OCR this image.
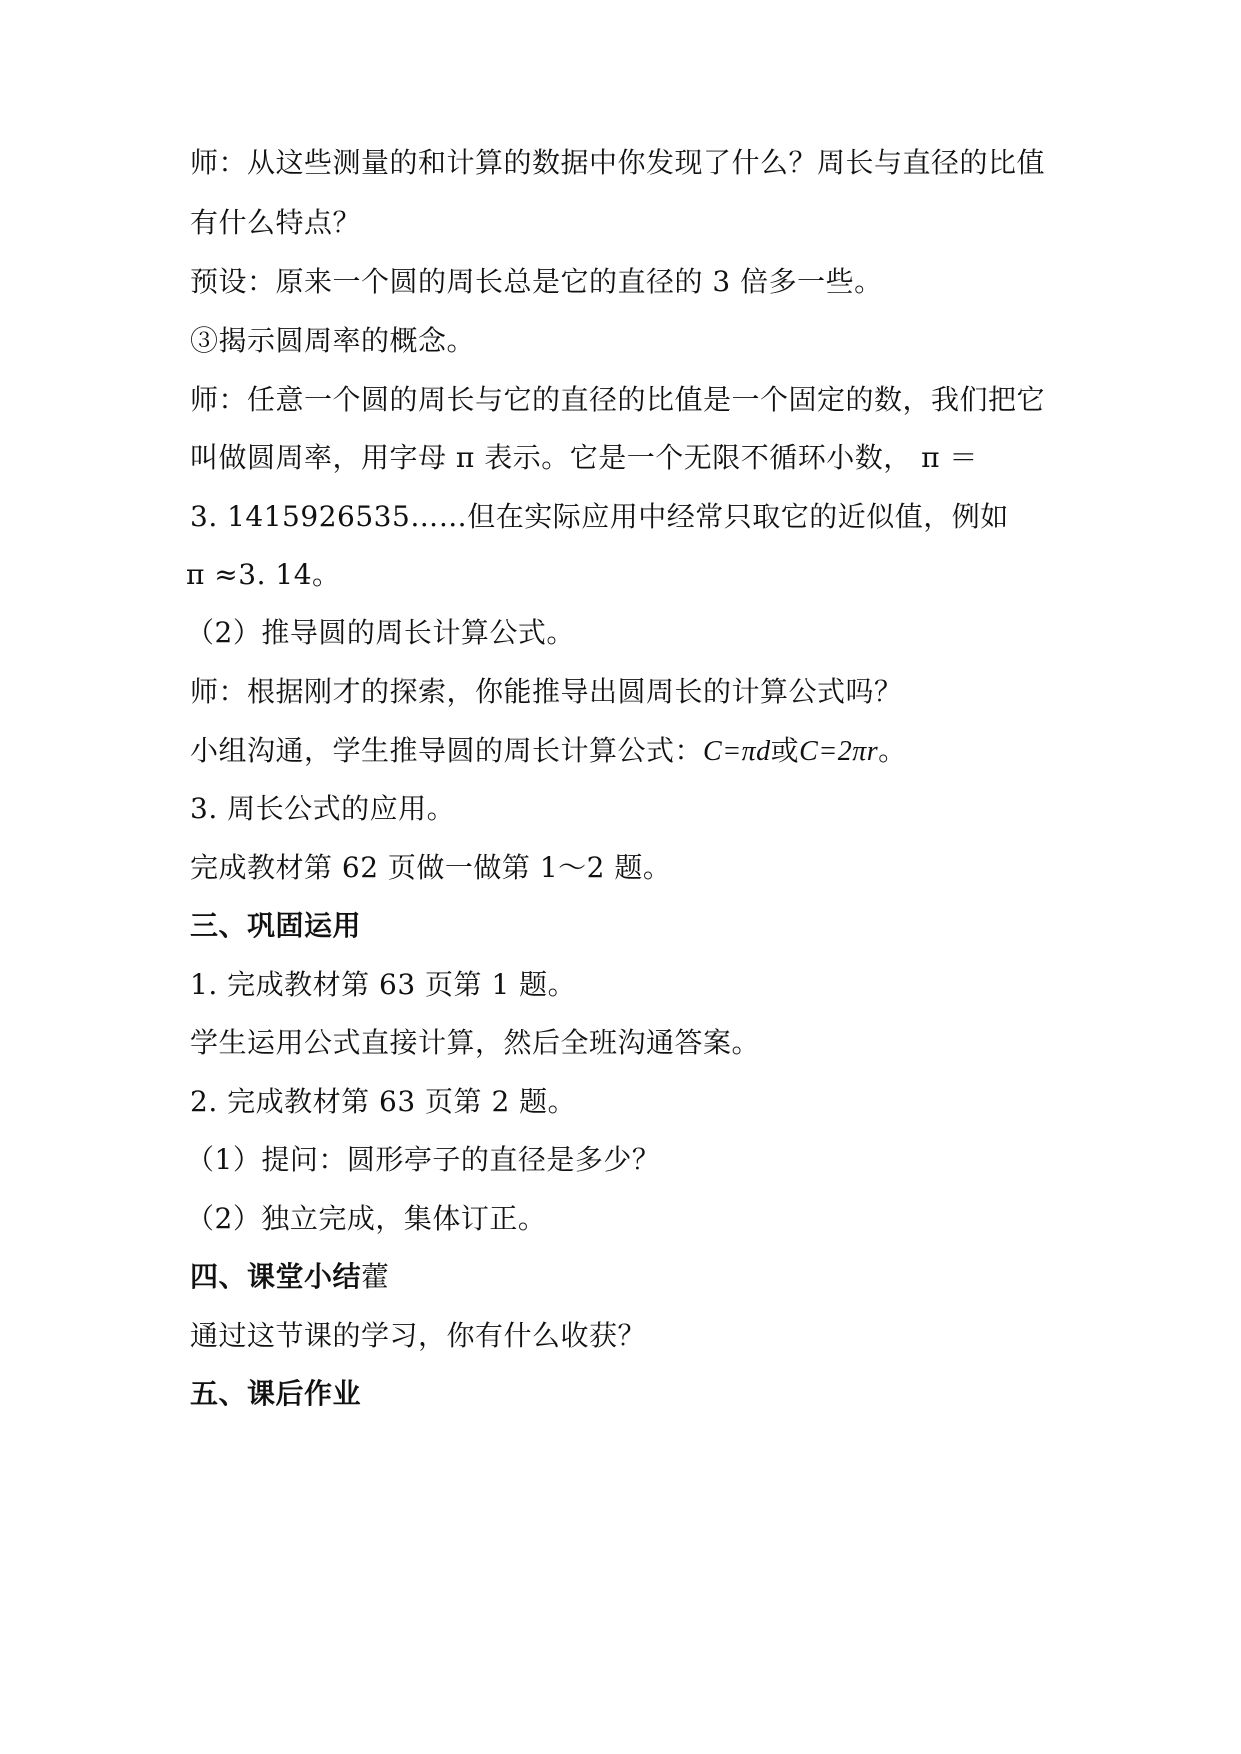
师：从这些测量的和计算的数据中你发现了什么？周长与直径的比值
有什么特点？
预设：原来一个圆的周长总是它的直径的 3 倍多一些。
③揭示圆周率的概念。
师：任意一个圆的周长与它的直径的比值是一个固定的数，我们把它
叫做圆周率，用字母 π 表示。它是一个无限不循环小数， π ＝
3. 1415926535……但在实际应用中经常只取它的近似值，例如
π ≈3. 14。
（2）推导圆的周长计算公式。
师：根据刚才的探索，你能推导出圆周长的计算公式吗？
小组沟通，学生推导圆的周长计算公式：C=πd或C=2πr。
3. 周长公式的应用。
完成教材第 62 页做一做第 1～2 题。
三、巩固运用
1. 完成教材第 63 页第 1 题。
学生运用公式直接计算，然后全班沟通答案。
2. 完成教材第 63 页第 2 题。
（1）提问：圆形亭子的直径是多少？
（2）独立完成，集体订正。
四、课堂小结藿
通过这节课的学习，你有什么收获？
五、课后作业
